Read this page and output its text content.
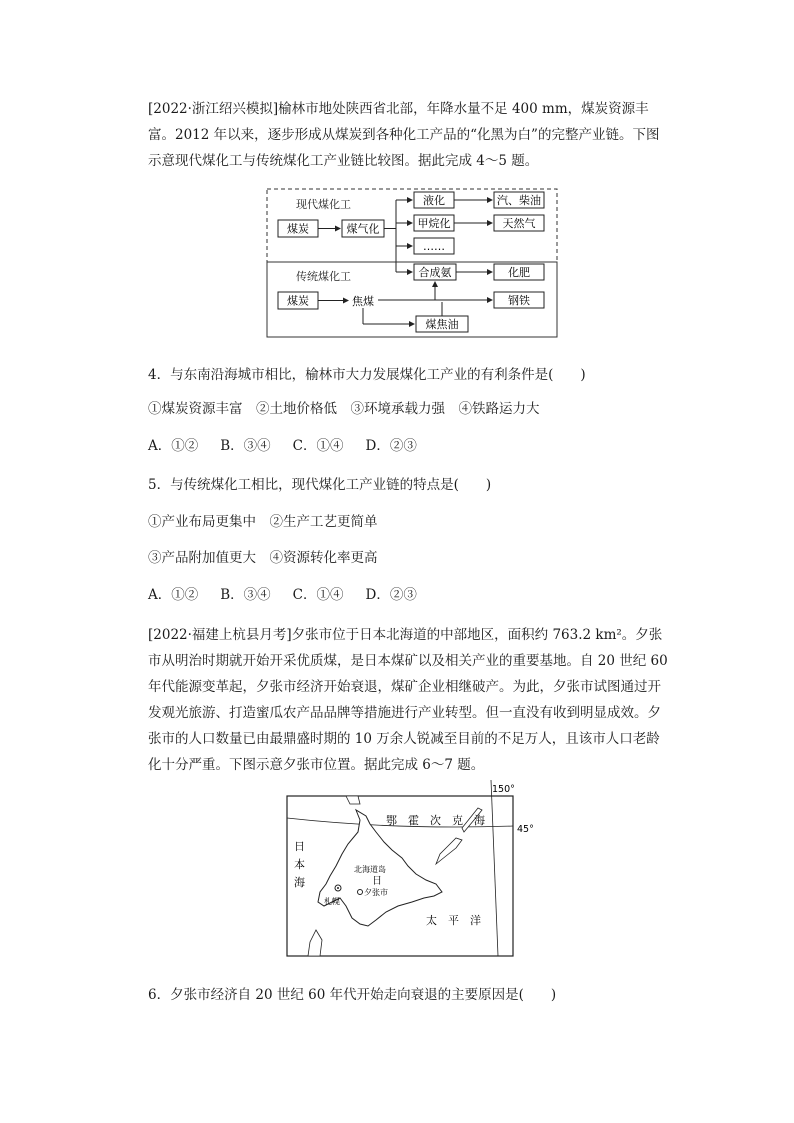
[2022·浙江绍兴模拟]榆林市地处陕西省北部，年降水量不足 400 mm，煤炭资源丰富。2012 年以来，逐步形成从煤炭到各种化工产品的“化黑为白”的完整产业链。下图示意现代煤化工与传统煤化工产业链比较图。据此完成 4～5 题。

现代煤化工
传统煤化工
煤炭	煤气化
液化
甲烷化
……
汽、柴油
天然气
合成氨	化肥
煤炭	焦煤	钢铁
煤焦油

4．与东南沿海城市相比，榆林市大力发展煤化工产业的有利条件是(　　)

①煤炭资源丰富　②土地价格低　③环境承载力强　④铁路运力大

A．①② B．③④ C．①④ D．②③

5．与传统煤化工相比，现代煤化工产业链的特点是(　　)

①产业布局更集中　②生产工艺更简单

③产品附加值更大　④资源转化率更高

A．①② B．③④ C．①④ D．②③

[2022·福建上杭县月考]夕张市位于日本北海道的中部地区，面积约 763.2 km²。夕张市从明治时期就开始开采优质煤，是日本煤矿以及相关产业的重要基地。自 20 世纪 60 年代能源变革起，夕张市经济开始衰退，煤矿企业相继破产。为此，夕张市试图通过开发观光旅游、打造蜜瓜农产品品牌等措施进行产业转型。但一直没有收到明显成效。夕张市的人口数量已由最鼎盛时期的 10 万余人锐减至目前的不足万人，且该市人口老龄化十分严重。下图示意夕张市位置。据此完成 6～7 题。

150°
45°
鄂　霍　次　克　海
日
本
海
北海道岛
日
札幌
夕张市
太　平　洋

6．夕张市经济自 20 世纪 60 年代开始走向衰退的主要原因是(　　)
